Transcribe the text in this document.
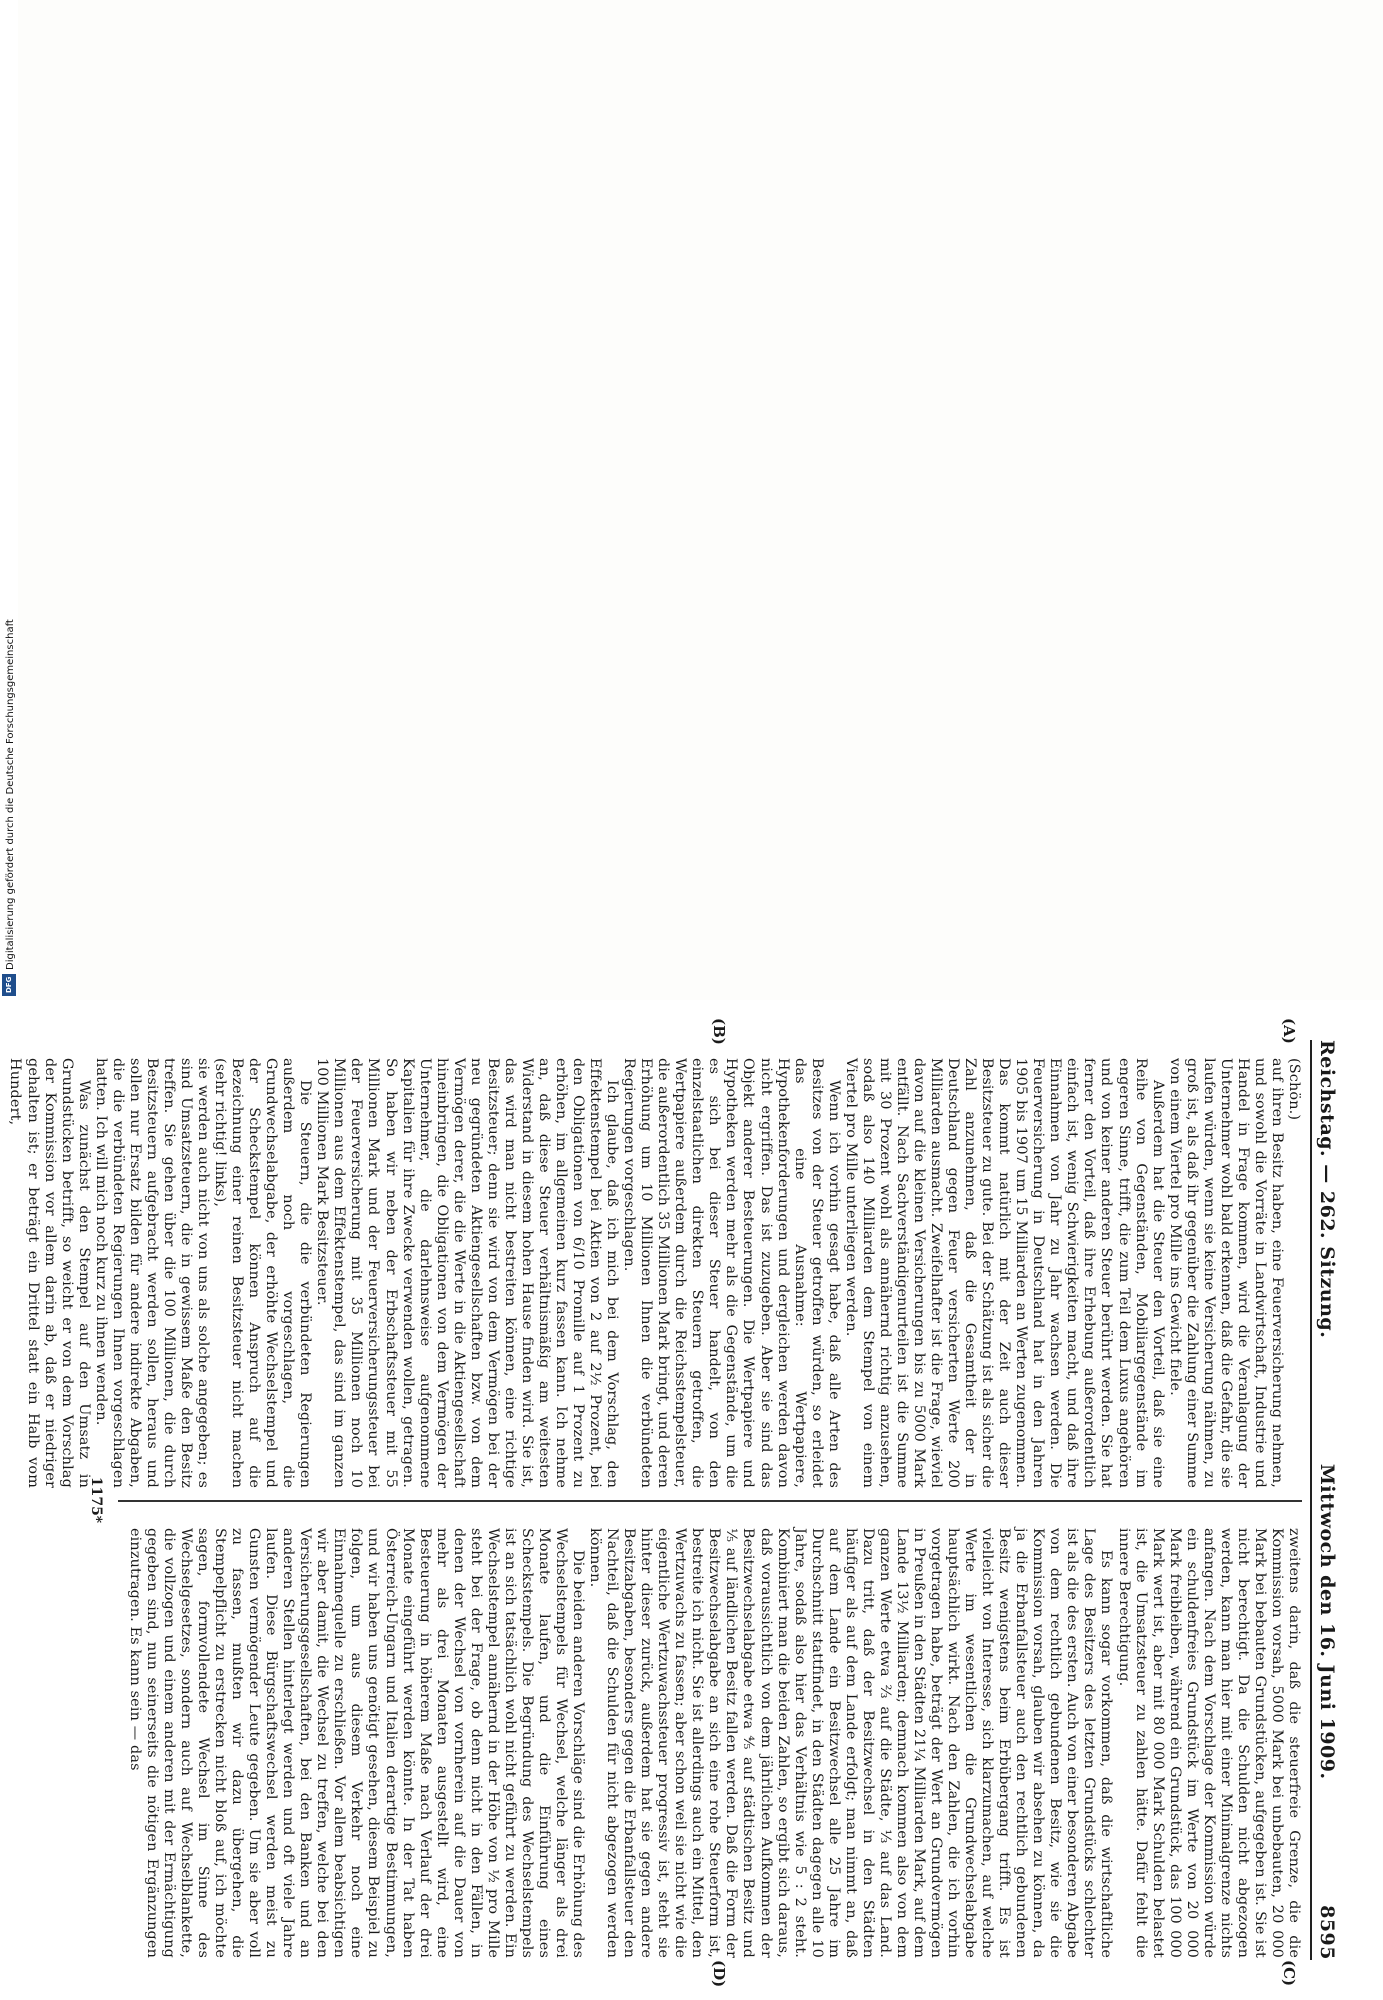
Digitalisierung gefördert durch die Deutsche Forschungsgemeinschaft
DFG
Reichstag. — 262. Sitzung.
Mittwoch den 16. Juni 1909.
8595
(A)
(B)
(C)
(D)

(Schön.)

auf ihren Besitz haben, eine Feuerversicherung nehmen, und sowohl die Vorräte in Landwirtschaft, Industrie und Handel in Frage kommen, wird die Veranlagung der Unternehmer wohl bald erkennen, daß die Gefahr, die sie laufen würden, wenn sie keine Versicherung nähmen, zu groß ist, als daß ihr gegenüber die Zahlung einer Summe von einem Viertel pro Mille ins Gewicht fiele.

Außerdem hat die Steuer den Vorteil, daß sie eine Reihe von Gegenständen, Mobiliargegenstände im engeren Sinne, trifft, die zum Teil dem Luxus angehören und von keiner anderen Steuer berührt werden. Sie hat ferner den Vorteil, daß ihre Erhebung außerordentlich einfach ist, wenig Schwierigkeiten macht, und daß ihre Einnahmen von Jahr zu Jahr wachsen werden. Die Feuerversicherung in Deutschland hat in den Jahren 1905 bis 1907 um 15 Milliarden an Werten zugenommen. Das kommt natürlich mit der Zeit auch dieser Besitzsteuer zu gute. Bei der Schätzung ist als sicher die Zahl anzunehmen, daß die Gesamtheit der in Deutschland gegen Feuer versicherten Werte 200 Milliarden ausmacht. Zweifelhafter ist die Frage, wieviel davon auf die kleinen Versicherungen bis zu 5000 Mark entfällt. Nach Sachverständigenurteilen ist die Summe mit 30 Prozent wohl als annähernd richtig anzusehen, sodaß also 140 Milliarden dem Stempel von einem Viertel pro Mille unterliegen werden.

Wenn ich vorhin gesagt habe, daß alle Arten des Besitzes von der Steuer getroffen würden, so erleidet das eine Ausnahme: Wertpapiere, Hypothekenforderungen und dergleichen werden davon nicht ergriffen. Das ist zuzugeben. Aber sie sind das Objekt anderer Besteuerungen. Die Wertpapiere und Hypotheken werden mehr als die Gegenstände, um die es sich bei dieser Steuer handelt, von den einzelstaatlichen direkten Steuern getroffen, die Wertpapiere außerdem durch die Reichsstempelsteuer, die außerordentlich 35 Millionen Mark bringt, und deren Erhöhung um 10 Millionen Ihnen die verbündeten Regierungen vorgeschlagen.

Ich glaube, daß ich mich bei dem Vorschlag, den Effektenstempel bei Aktien von 2 auf 2½ Prozent, bei den Obligationen von 6/10 Promille auf 1 Prozent zu erhöhen, im allgemeinen kurz fassen kann. Ich nehme an, daß diese Steuer verhältnismäßig am weitesten Widerstand in diesem hohen Hause finden wird. Sie ist, das wird man nicht bestreiten können, eine richtige Besitzsteuer; denn sie wird von dem Vermögen bei der neu gegründeten Aktiengesellschaften bzw. von dem Vermögen derer, die die Werte in die Aktiengesellschaft hineinbringen, die Obligationen von dem Vermögen der Unternehmer, die darlehnsweise aufgenommene Kapitalien für ihre Zwecke verwenden wollen, getragen. So haben wir neben der Erbschaftssteuer mit 55 Millionen Mark und der Feuerversicherungssteuer bei der Feuerversicherung mit 35 Millionen noch 10 Millionen aus dem Effektenstempel, das sind im ganzen 100 Millionen Mark Besitzsteuer.

Die Steuern, die die verbündeten Regierungen außerdem noch vorgeschlagen, die Grundwechselabgabe, der erhöhte Wechselstempel und der Scheckstempel können Anspruch auf die Bezeichnung einer reinen Besitzsteuer nicht machen (sehr richtig! links),

sie werden auch nicht von uns als solche angegeben; es sind Umsatzsteuern, die in gewissem Maße den Besitz treffen. Sie gehen über die 100 Millionen, die durch Besitzsteuern aufgebracht werden sollen, heraus und sollen nur Ersatz bilden für andere indirekte Abgaben, die die verbündeten Regierungen Ihnen vorgeschlagen hatten. Ich will mich noch kurz zu ihnen wenden.

Was zunächst den Stempel auf den Umsatz in Grundstücken betrifft, so weicht er von dem Vorschlag der Kommission vor allem darin ab, daß er niedriger gehalten ist; er beträgt ein Drittel statt ein Halb vom Hundert,

zweitens darin, daß die steuerfreie Grenze, die die Kommission vorsah, 5000 Mark bei unbebauten, 20 000 Mark bei bebauten Grundstücken, aufgegeben ist. Sie ist nicht berechtigt. Da die Schulden nicht abgezogen werden, kann man hier mit einer Minimalgrenze nichts anfangen. Nach dem Vorschlage der Kommission würde ein schuldenfreies Grundstück im Werte von 20 000 Mark freibleiben, während ein Grundstück, das 100 000 Mark wert ist, aber mit 80 000 Mark Schulden belastet ist, die Umsatzsteuer zu zahlen hätte. Dafür fehlt die innere Berechtigung.

Es kann sogar vorkommen, daß die wirtschaftliche Lage des Besitzers des letzten Grundstücks schlechter ist als die des ersten. Auch von einer besonderen Abgabe von dem rechtlich gebundenen Besitz, wie sie die Kommission vorsah, glauben wir absehen zu können, da ja die Erbanfallsteuer auch den rechtlich gebundenen Besitz wenigstens beim Erbübergang trifft. Es ist vielleicht von Interesse, sich klarzumachen, auf welche Werte im wesentlichen die Grundwechselabgabe hauptsächlich wirkt. Nach den Zahlen, die ich vorhin vorgetragen habe, beträgt der Wert an Grundvermögen in Preußen in den Städten 21¼ Milliarden Mark, auf dem Lande 13½ Milliarden; demnach kommen also von dem ganzen Werte etwa ⅔ auf die Städte, ⅓ auf das Land. Dazu tritt, daß der Besitzwechsel in den Städten häufiger als auf dem Lande erfolgt; man nimmt an, daß auf dem Lande ein Besitzwechsel alle 25 Jahre im Durchschnitt stattfindet, in den Städten dagegen alle 10 Jahre, sodaß also hier das Verhältnis wie 5 : 2 steht. Kombiniert man die beiden Zahlen, so ergibt sich daraus, daß voraussichtlich von dem jährlichen Aufkommen der Besitzwechselabgabe etwa ⅘ auf städtischen Besitz und ⅕ auf ländlichen Besitz fallen werden. Daß die Form der Besitzwechselabgabe an sich eine rohe Steuerform ist, bestreite ich nicht. Sie ist allerdings auch ein Mittel, den Wertzuwachs zu fassen; aber schon weil sie nicht wie die eigentliche Wertzuwachssteuer progressiv ist, steht sie hinter dieser zurück, außerdem hat sie gegen andere Besitzabgaben, besonders gegen die Erbanfallsteuer den Nachteil, daß die Schulden für nicht abgezogen werden können.

Die beiden anderen Vorschläge sind die Erhöhung des Wechselstempels für Wechsel, welche länger als drei Monate laufen, und die Einführung eines Scheckstempels. Die Begründung des Wechselstempels ist an sich tatsächlich wohl nicht geführt zu werden. Ein Wechselstempel annähernd in der Höhe von ½ pro Mille steht bei der Frage, ob denn nicht in den Fällen, in denen der Wechsel von vornherein auf die Dauer von mehr als drei Monaten ausgestellt wird, eine Besteuerung in höherem Maße nach Verlauf der drei Monate eingeführt werden könnte. In der Tat haben Österreich-Ungarn und Italien derartige Bestimmungen, und wir haben uns genötigt gesehen, diesem Beispiel zu folgen, um aus diesem Verkehr noch eine Einnahmequelle zu erschließen. Vor allem beabsichtigen wir aber damit, die Wechsel zu treffen, welche bei den Versicherungsgesellschaften, bei den Banken und an anderen Stellen hinterlegt werden und oft viele Jahre laufen. Diese Bürgschaftswechsel werden meist zu Gunsten vermögender Leute gegeben. Um sie aber voll zu fassen, mußten wir dazu übergehen, die Stempelpflicht zu erstrecken nicht bloß auf, ich möchte sagen, formvollendete Wechsel im Sinne des Wechselgesetzes, sondern auch auf Wechselblankette, die vollzogen und einem anderen mit der Ermächtigung gegeben sind, nun seinerseits die nötigen Ergänzungen einzutragen. Es kann sein — das

1175*
